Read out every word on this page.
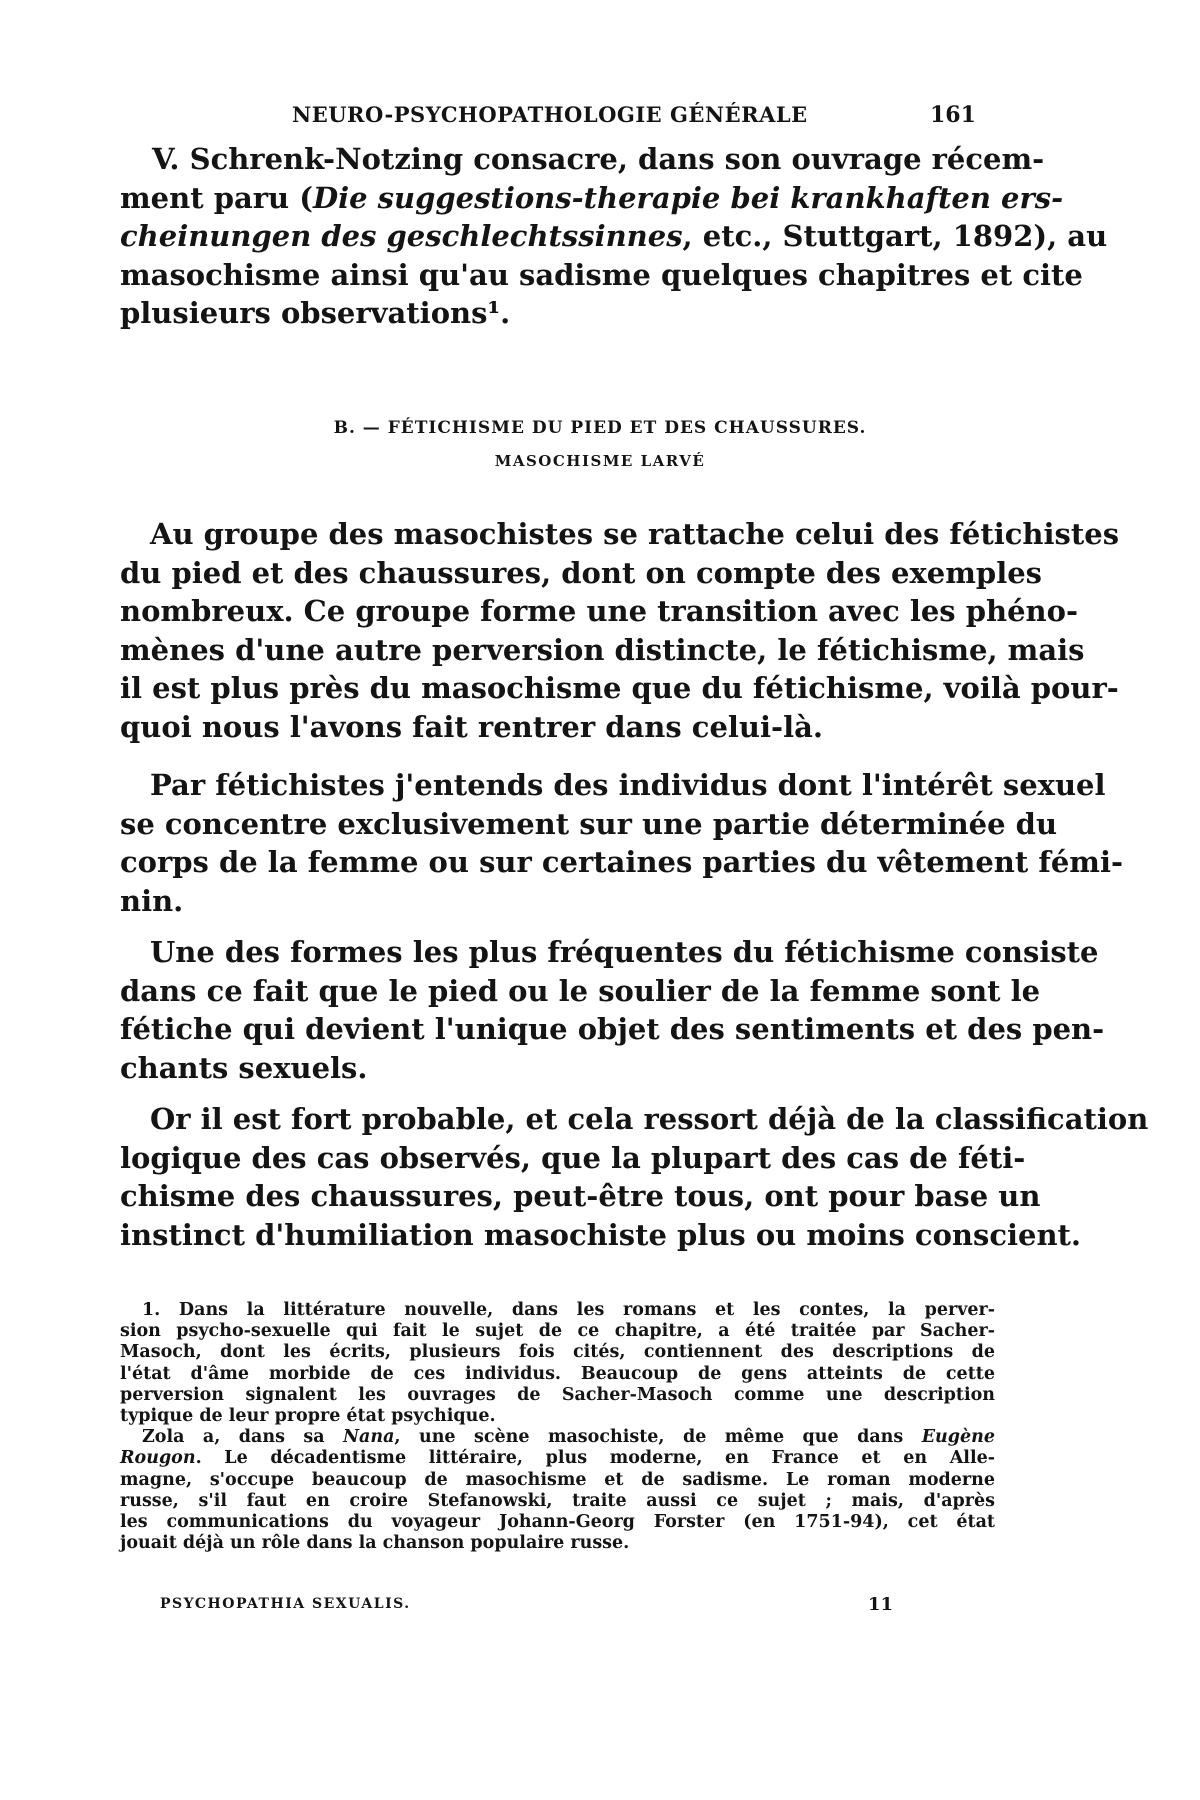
NEURO-PSYCHOPATHOLOGIE GÉNÉRALE	161
V. Schrenk-Notzing consacre, dans son ouvrage récem-
ment paru (Die suggestions-therapie bei krankhaften ers-
cheinungen des geschlechtssinnes, etc., Stuttgart, 1892), au
masochisme ainsi qu'au sadisme quelques chapitres et cite
plusieurs observations¹.
B. — FÉTICHISME DU PIED ET DES CHAUSSURES.
MASOCHISME LARVÉ
Au groupe des masochistes se rattache celui des fétichistes
du pied et des chaussures, dont on compte des exemples
nombreux. Ce groupe forme une transition avec les phéno-
mènes d'une autre perversion distincte, le fétichisme, mais
il est plus près du masochisme que du fétichisme, voilà pour-
quoi nous l'avons fait rentrer dans celui-là.
Par fétichistes j'entends des individus dont l'intérêt sexuel
se concentre exclusivement sur une partie déterminée du
corps de la femme ou sur certaines parties du vêtement fémi-
nin.
Une des formes les plus fréquentes du fétichisme consiste
dans ce fait que le pied ou le soulier de la femme sont le
fétiche qui devient l'unique objet des sentiments et des pen-
chants sexuels.
Or il est fort probable, et cela ressort déjà de la classification
logique des cas observés, que la plupart des cas de féti-
chisme des chaussures, peut-être tous, ont pour base un
instinct d'humiliation masochiste plus ou moins conscient.
1. Dans la littérature nouvelle, dans les romans et les contes, la perver-
sion psycho-sexuelle qui fait le sujet de ce chapitre, a été traitée par Sacher-
Masoch, dont les écrits, plusieurs fois cités, contiennent des descriptions de
l'état d'âme morbide de ces individus. Beaucoup de gens atteints de cette
perversion signalent les ouvrages de Sacher-Masoch comme une description
typique de leur propre état psychique.
Zola a, dans sa Nana, une scène masochiste, de même que dans Eugène
Rougon. Le décadentisme littéraire, plus moderne, en France et en Alle-
magne, s'occupe beaucoup de masochisme et de sadisme. Le roman moderne
russe, s'il faut en croire Stefanowski, traite aussi ce sujet ; mais, d'après
les communications du voyageur Johann-Georg Forster (en 1751-94), cet état
jouait déjà un rôle dans la chanson populaire russe.
PSYCHOPATHIA SEXUALIS.	11
